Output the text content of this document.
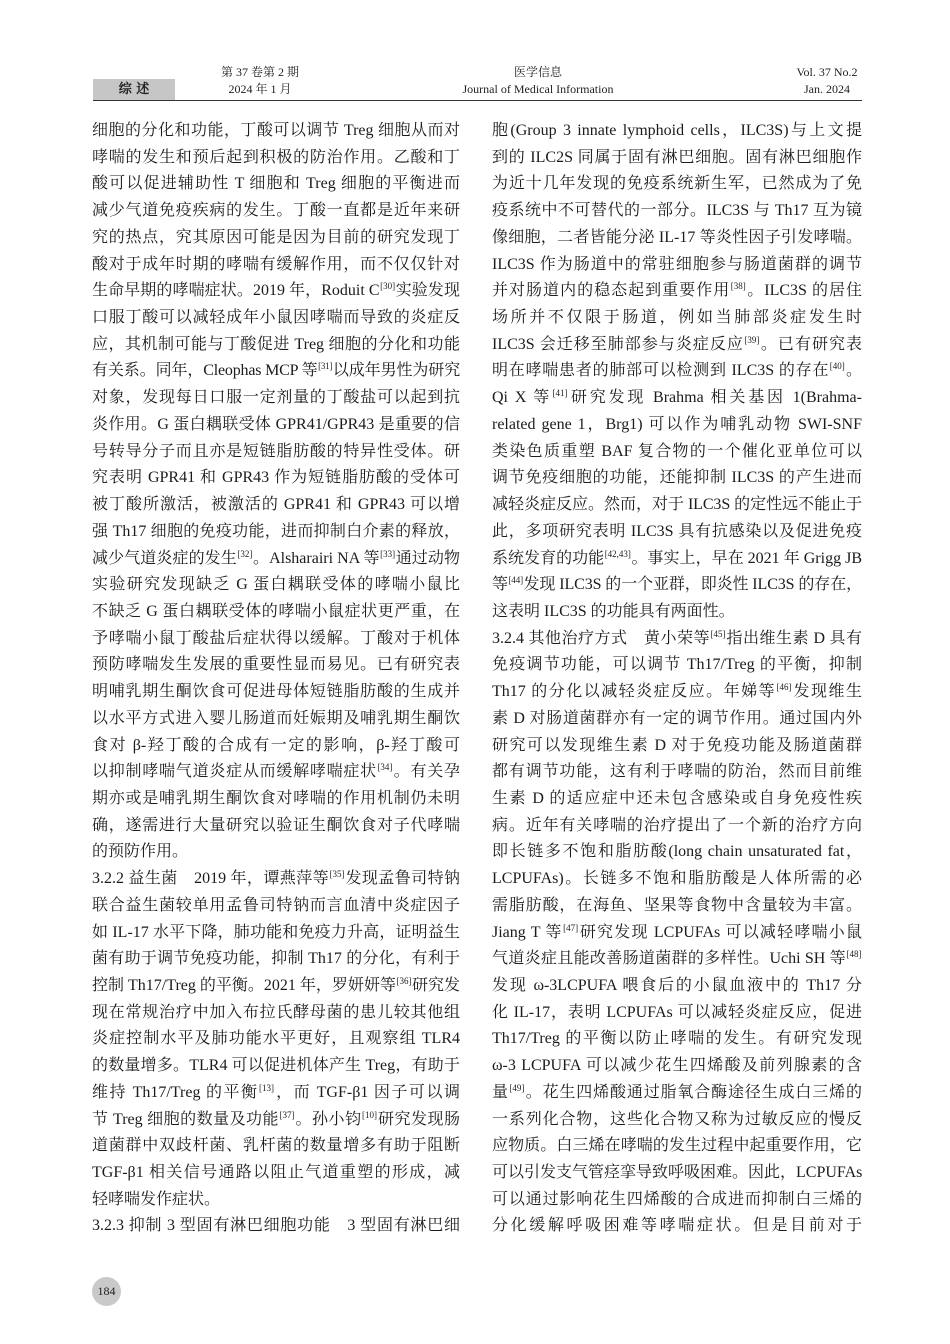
综 述
第 37 卷第 2 期
2024 年 1 月
医学信息
Journal of Medical Information
Vol. 37 No.2
Jan. 2024
细胞的分化和功能，丁酸可以调节 Treg 细胞从而对
哮喘的发生和预后起到积极的防治作用。乙酸和丁
酸可以促进辅助性 T 细胞和 Treg 细胞的平衡进而
减少气道免疫疾病的发生。丁酸一直都是近年来研
究的热点，究其原因可能是因为目前的研究发现丁
酸对于成年时期的哮喘有缓解作用，而不仅仅针对
生命早期的哮喘症状。2019 年，Roduit C[30]实验发现
口服丁酸可以减轻成年小鼠因哮喘而导致的炎症反
应，其机制可能与丁酸促进 Treg 细胞的分化和功能
有关系。同年，Cleophas MCP 等[31]以成年男性为研究
对象，发现每日口服一定剂量的丁酸盐可以起到抗
炎作用。G 蛋白耦联受体 GPR41/GPR43 是重要的信
号转导分子而且亦是短链脂肪酸的特异性受体。研
究表明 GPR41 和 GPR43 作为短链脂肪酸的受体可
被丁酸所激活，被激活的 GPR41 和 GPR43 可以增
强 Th17 细胞的免疫功能，进而抑制白介素的释放，
减少气道炎症的发生[32]。Alsharairi NA 等[33]通过动物
实验研究发现缺乏 G 蛋白耦联受体的哮喘小鼠比
不缺乏 G 蛋白耦联受体的哮喘小鼠症状更严重，在
予哮喘小鼠丁酸盐后症状得以缓解。丁酸对于机体
预防哮喘发生发展的重要性显而易见。已有研究表
明哺乳期生酮饮食可促进母体短链脂肪酸的生成并
以水平方式进入婴儿肠道而妊娠期及哺乳期生酮饮
食对 β-羟丁酸的合成有一定的影响，β-羟丁酸可
以抑制哮喘气道炎症从而缓解哮喘症状[34]。有关孕
期亦或是哺乳期生酮饮食对哮喘的作用机制仍未明
确，遂需进行大量研究以验证生酮饮食对子代哮喘
的预防作用。
3.2.2 益生菌　2019 年，谭燕萍等[35]发现孟鲁司特钠
联合益生菌较单用孟鲁司特钠而言血清中炎症因子
如 IL-17 水平下降，肺功能和免疫力升高，证明益生
菌有助于调节免疫功能，抑制 Th17 的分化，有利于
控制 Th17/Treg 的平衡。2021 年，罗妍妍等[36]研究发
现在常规治疗中加入布拉氏酵母菌的患儿较其他组
炎症控制水平及肺功能水平更好，且观察组 TLR4
的数量增多。TLR4 可以促进机体产生 Treg，有助于
维持 Th17/Treg 的平衡[13]，而 TGF-β1 因子可以调
节 Treg 细胞的数量及功能[37]。孙小钧[10]研究发现肠
道菌群中双歧杆菌、乳杆菌的数量增多有助于阻断
TGF-β1 相关信号通路以阻止气道重塑的形成，减
轻哮喘发作症状。
3.2.3 抑制 3 型固有淋巴细胞功能　3 型固有淋巴细
胞(Group 3 innate lymphoid cells，ILC3S)与上文提
到的 ILC2S 同属于固有淋巴细胞。固有淋巴细胞作
为近十几年发现的免疫系统新生军，已然成为了免
疫系统中不可替代的一部分。ILC3S 与 Th17 互为镜
像细胞，二者皆能分泌 IL-17 等炎性因子引发哮喘。
ILC3S 作为肠道中的常驻细胞参与肠道菌群的调节
并对肠道内的稳态起到重要作用[38]。ILC3S 的居住
场所并不仅限于肠道，例如当肺部炎症发生时
ILC3S 会迁移至肺部参与炎症反应[39]。已有研究表
明在哮喘患者的肺部可以检测到 ILC3S 的存在[40]。
Qi X 等[41]研究发现 Brahma 相关基因 1(Brahma-
related gene 1，Brg1) 可以作为哺乳动物 SWI-SNF
类染色质重塑 BAF 复合物的一个催化亚单位可以
调节免疫细胞的功能，还能抑制 ILC3S 的产生进而
减轻炎症反应。然而，对于 ILC3S 的定性远不能止于
此，多项研究表明 ILC3S 具有抗感染以及促进免疫
系统发育的功能[42,43]。事实上，早在 2021 年 Grigg JB
等[44]发现 ILC3S 的一个亚群，即炎性 ILC3S 的存在，
这表明 ILC3S 的功能具有两面性。
3.2.4 其他治疗方式　黄小荣等[45]指出维生素 D 具有
免疫调节功能，可以调节 Th17/Treg 的平衡，抑制
Th17 的分化以减轻炎症反应。年娣等[46]发现维生
素 D 对肠道菌群亦有一定的调节作用。通过国内外
研究可以发现维生素 D 对于免疫功能及肠道菌群
都有调节功能，这有利于哮喘的防治，然而目前维
生素 D 的适应症中还未包含感染或自身免疫性疾
病。近年有关哮喘的治疗提出了一个新的治疗方向
即长链多不饱和脂肪酸(long chain unsaturated fat，
LCPUFAs)。长链多不饱和脂肪酸是人体所需的必
需脂肪酸，在海鱼、坚果等食物中含量较为丰富。
Jiang T 等[47]研究发现 LCPUFAs 可以减轻哮喘小鼠
气道炎症且能改善肠道菌群的多样性。Uchi SH 等[48]
发现 ω-3LCPUFA 喂食后的小鼠血液中的 Th17 分
化 IL-17，表明 LCPUFAs 可以减轻炎症反应，促进
Th17/Treg 的平衡以防止哮喘的发生。有研究发现
ω-3 LCPUFA 可以减少花生四烯酸及前列腺素的含
量[49]。花生四烯酸通过脂氧合酶途径生成白三烯的
一系列化合物，这些化合物又称为过敏反应的慢反
应物质。白三烯在哮喘的发生过程中起重要作用，它
可以引发支气管痉挛导致呼吸困难。因此，LCPUFAs
可以通过影响花生四烯酸的合成进而抑制白三烯的
分化缓解呼吸困难等哮喘症状。但是目前对于
184
